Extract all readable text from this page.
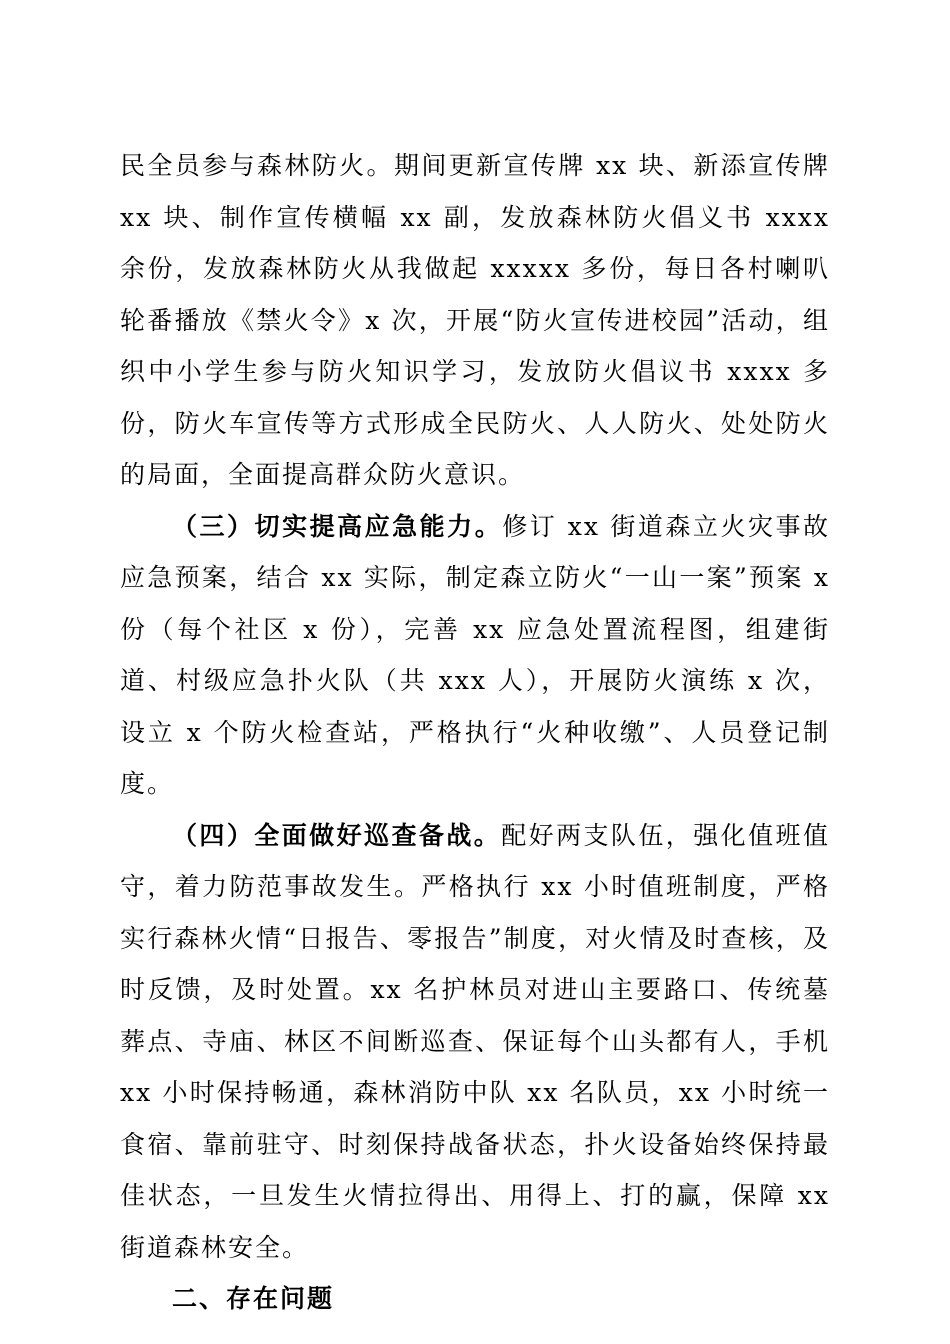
民全员参与森林防火。期间更新宣传牌 xx 块、新添宣传牌 xx 块、制作宣传横幅 xx 副，发放森林防火倡义书 xxxx 余份，发放森林防火从我做起 xxxxx 多份，每日各村喇叭轮番播放《禁火令》x 次，开展“防火宣传进校园”活动，组织中小学生参与防火知识学习，发放防火倡议书 xxxx 多份，防火车宣传等方式形成全民防火、人人防火、处处防火的局面，全面提高群众防火意识。

（三）切实提高应急能力。修订 xx 街道森立火灾事故应急预案，结合 xx 实际，制定森立防火“一山一案”预案 x 份（每个社区 x 份），完善 xx 应急处置流程图，组建街道、村级应急扑火队（共 xxx 人），开展防火演练 x 次，设立 x 个防火检查站，严格执行“火种收缴”、人员登记制度。

（四）全面做好巡查备战。配好两支队伍，强化值班值守，着力防范事故发生。严格执行 xx 小时值班制度，严格实行森林火情“日报告、零报告”制度，对火情及时查核，及时反馈，及时处置。xx 名护林员对进山主要路口、传统墓葬点、寺庙、林区不间断巡查、保证每个山头都有人，手机 xx 小时保持畅通，森林消防中队 xx 名队员，xx 小时统一食宿、靠前驻守、时刻保持战备状态，扑火设备始终保持最佳状态，一旦发生火情拉得出、用得上、打的赢，保障 xx 街道森林安全。

二、存在问题
